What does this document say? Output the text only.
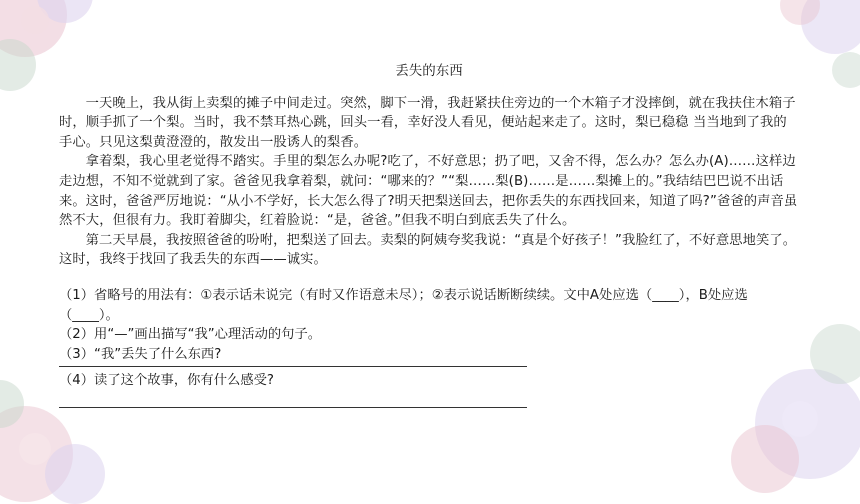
丢失的东西

一天晚上，我从街上卖梨的摊子中间走过。突然，脚下一滑，我赶紧扶住旁边的一个木箱子才没摔倒，就在我扶住木箱子时，顺手抓了一个梨。当时，我不禁耳热心跳，回头一看，幸好没人看见，便站起来走了。这时，梨已稳稳 当当地到了我的手心。只见这梨黄澄澄的，散发出一股诱人的梨香。

拿着梨，我心里老觉得不踏实。手里的梨怎么办呢?吃了，不好意思；扔了吧，又舍不得，怎么办？怎么办(A)……这样边走边想，不知不觉就到了家。爸爸见我拿着梨，就问：“哪来的？”“梨……梨(B)……是……梨摊上的。”我结结巴巴说不出话来。这时，爸爸严厉地说：“从小不学好，长大怎么得了?明天把梨送回去，把你丢失的东西找回来，知道了吗?”爸爸的声音虽然不大，但很有力。我盯着脚尖，红着脸说：“是，爸爸。”但我不明白到底丢失了什么。

第二天早晨，我按照爸爸的吩咐，把梨送了回去。卖梨的阿姨夸奖我说：“真是个好孩子！”我脸红了，不好意思地笑了。这时，我终于找回了我丢失的东西——诚实。

（1）省略号的用法有：①表示话未说完（有时又作语意未尽）；②表示说话断断续续。文中A处应选（____），B处应选（____）。

（2）用“—”画出描写“我”心理活动的句子。

（3）“我”丢失了什么东西?

（4）读了这个故事，你有什么感受?
